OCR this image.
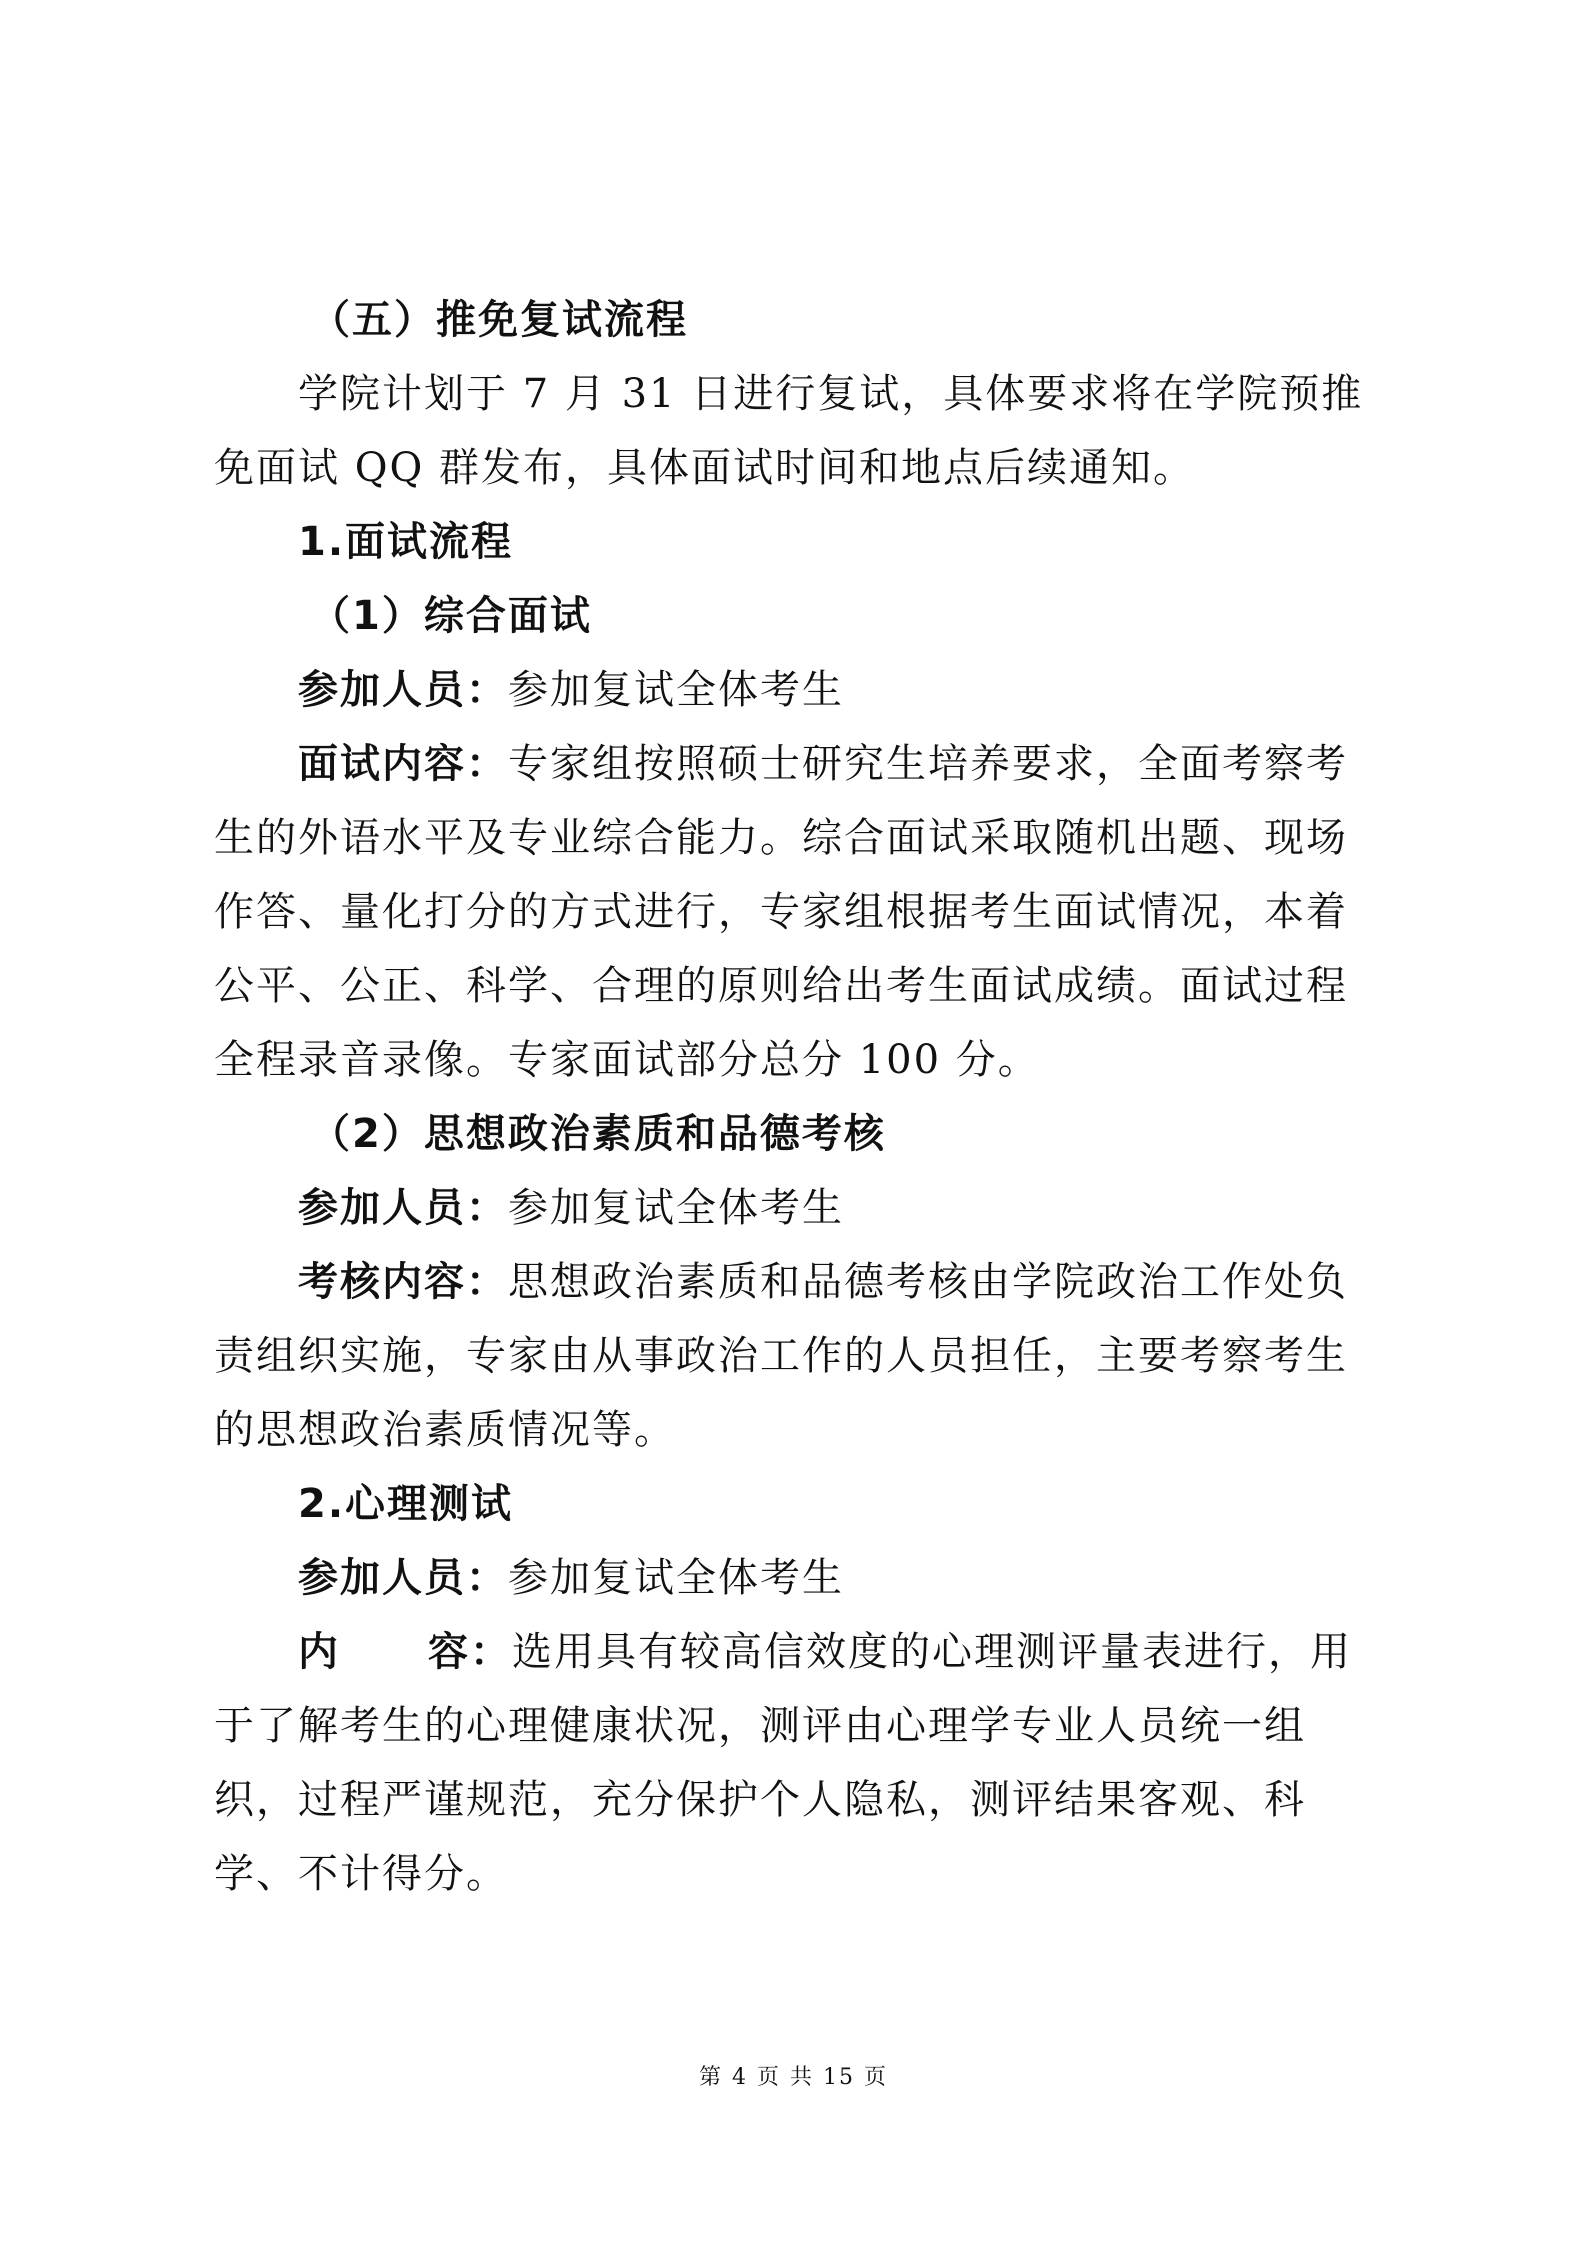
（五）推免复试流程

学院计划于 7 月 31 日进行复试，具体要求将在学院预推免面试 QQ 群发布，具体面试时间和地点后续通知。

1.面试流程

（1）综合面试

参加人员：参加复试全体考生

面试内容：专家组按照硕士研究生培养要求，全面考察考生的外语水平及专业综合能力。综合面试采取随机出题、现场作答、量化打分的方式进行，专家组根据考生面试情况，本着公平、公正、科学、合理的原则给出考生面试成绩。面试过程全程录音录像。专家面试部分总分 100 分。

（2）思想政治素质和品德考核

参加人员：参加复试全体考生

考核内容：思想政治素质和品德考核由学院政治工作处负责组织实施，专家由从事政治工作的人员担任，主要考察考生的思想政治素质情况等。

2.心理测试

参加人员：参加复试全体考生

内 容：选用具有较高信效度的心理测评量表进行，用于了解考生的心理健康状况，测评由心理学专业人员统一组织，过程严谨规范，充分保护个人隐私，测评结果客观、科学、不计得分。

第 4 页 共 15 页
